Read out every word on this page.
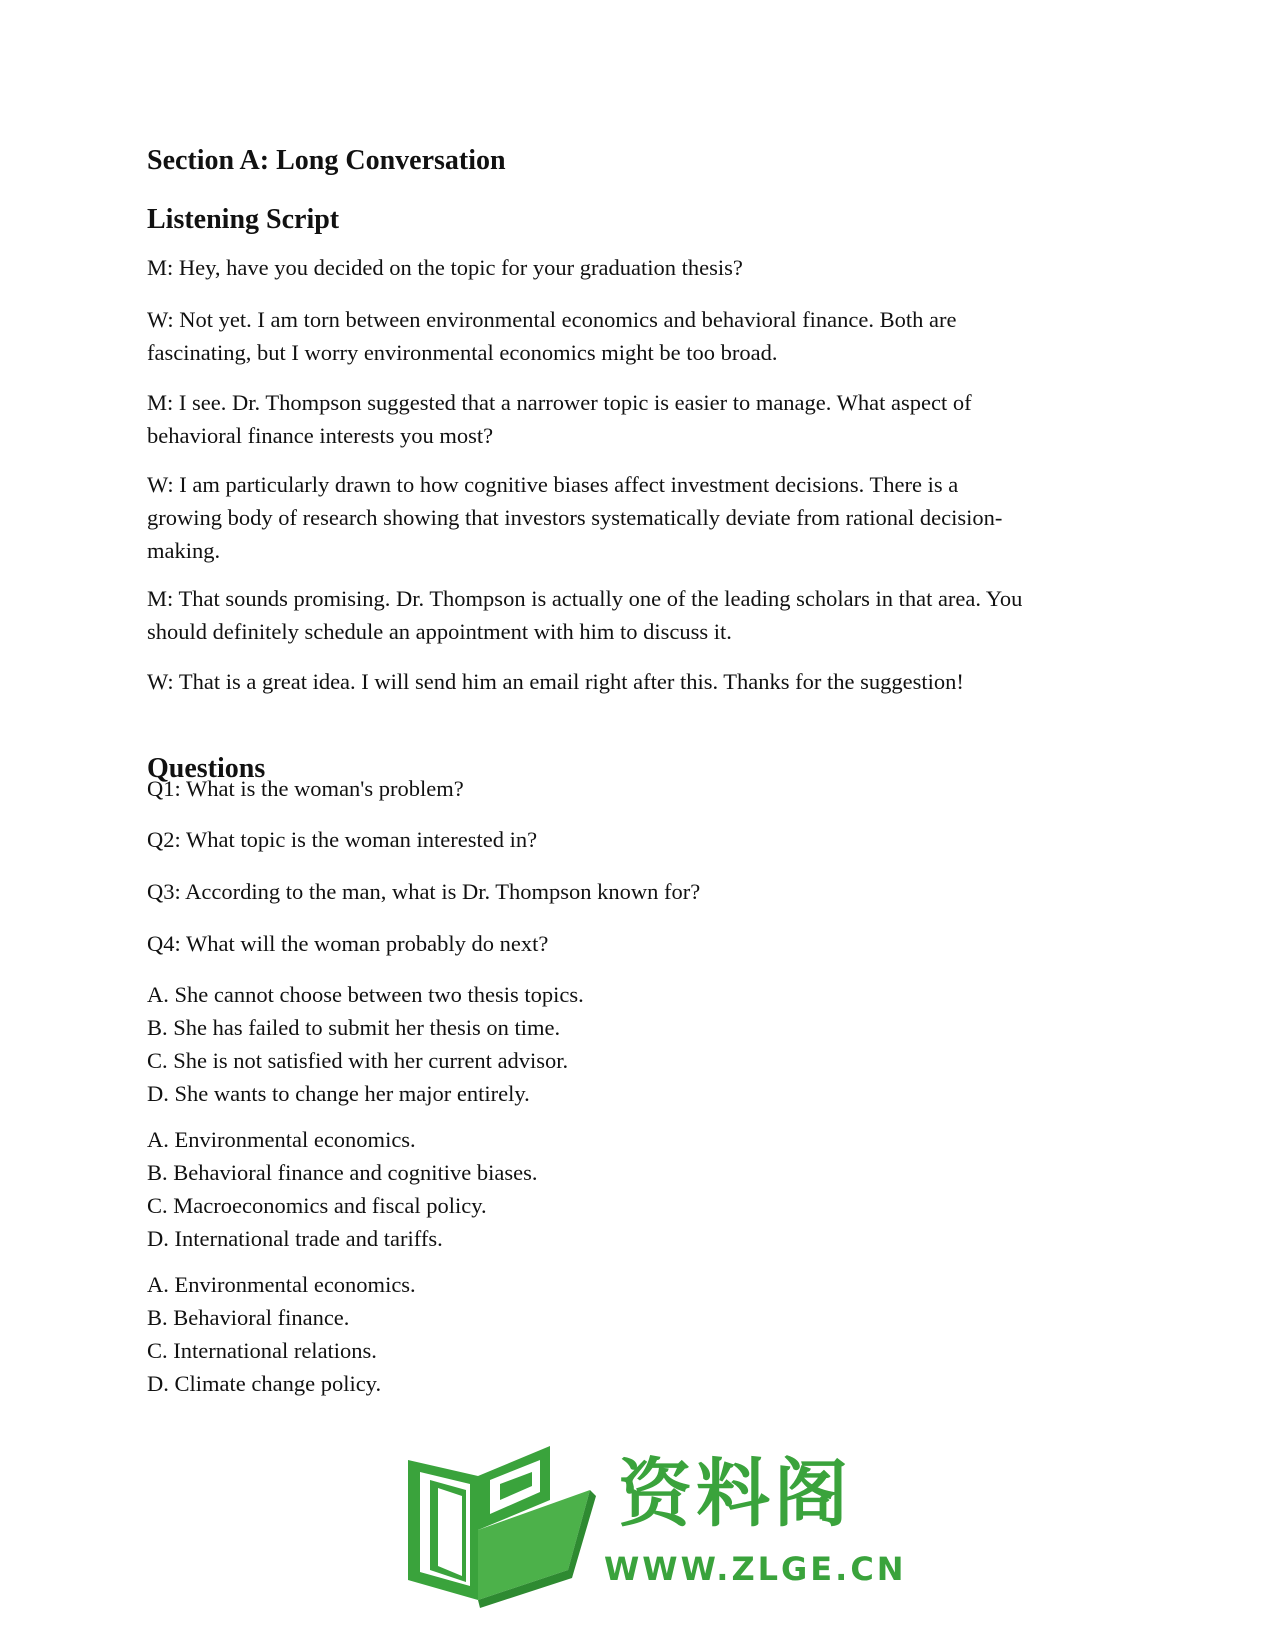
Section A: Long Conversation
Listening Script

M: Hey, have you decided on the topic for your graduation thesis?

W: Not yet. I am torn between environmental economics and behavioral finance. Both are
fascinating, but I worry environmental economics might be too broad.

M: I see. Dr. Thompson suggested that a narrower topic is easier to manage. What aspect of
behavioral finance interests you most?

W: I am particularly drawn to how cognitive biases affect investment decisions. There is a
growing body of research showing that investors systematically deviate from rational decision-
making.

M: That sounds promising. Dr. Thompson is actually one of the leading scholars in that area. You
should definitely schedule an appointment with him to discuss it.

W: That is a great idea. I will send him an email right after this. Thanks for the suggestion!

Questions

Q1: What is the woman's problem?

Q2: What topic is the woman interested in?

Q3: According to the man, what is Dr. Thompson known for?

Q4: What will the woman probably do next?

A. She cannot choose between two thesis topics.
B. She has failed to submit her thesis on time.
C. She is not satisfied with her current advisor.
D. She wants to change her major entirely.

A. Environmental economics.
B. Behavioral finance and cognitive biases.
C. Macroeconomics and fiscal policy.
D. International trade and tariffs.

A. Environmental economics.
B. Behavioral finance.
C. International relations.
D. Climate change policy.

资料阁
WWW.ZLGE.CN
